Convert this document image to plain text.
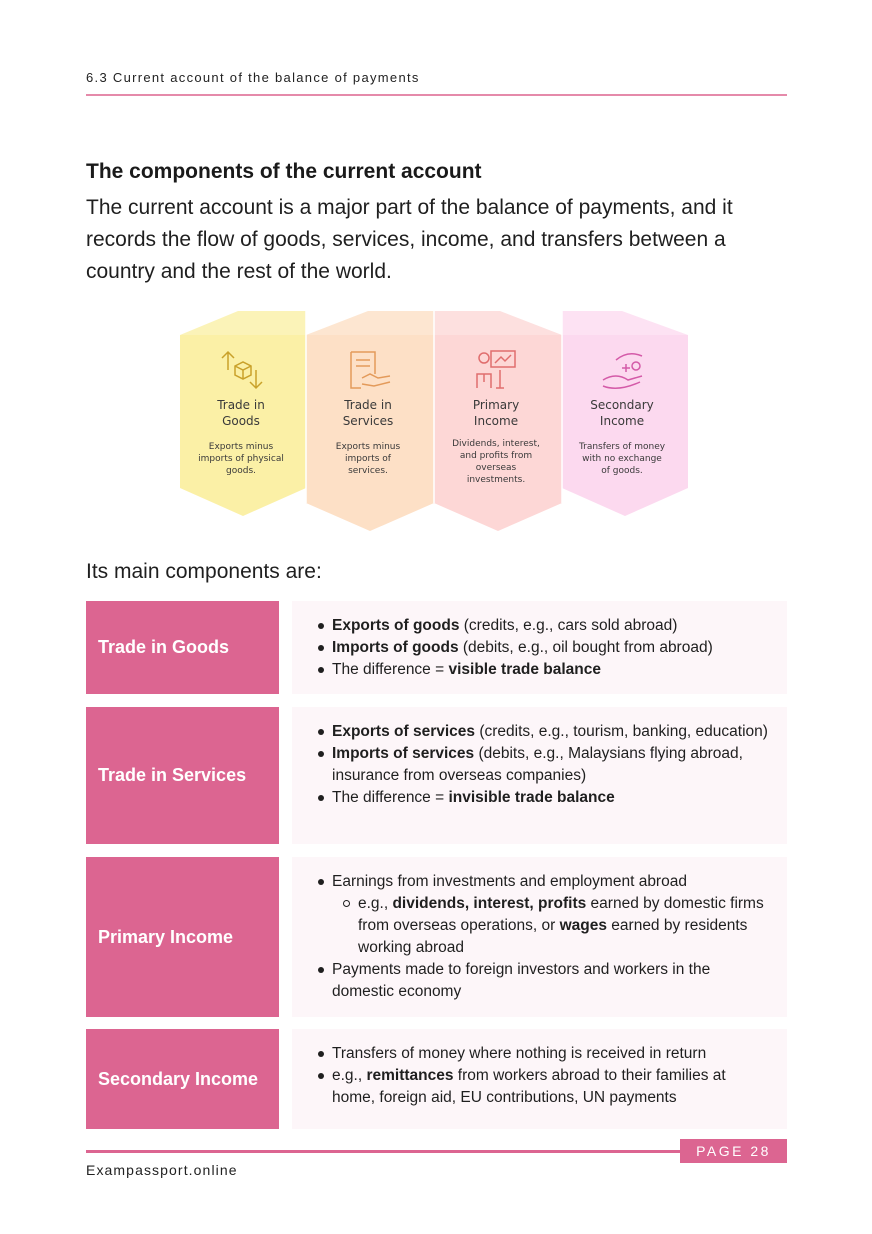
6.3 Current account of the balance of payments
The components of the current account
The current account is a major part of the balance of payments, and it records the flow of goods, services, income, and transfers between a country and the rest of the world.
Trade in
Goods
Exports minus
imports of physical
goods.
Trade in
Services
Exports minus
imports of
services.
Primary
Income
Dividends, interest,
and profits from
overseas
investments.
Secondary
Income
Transfers of money
with no exchange
of goods.
Its main components are:
Trade in Goods
Exports of goods (credits, e.g., cars sold abroad)
Imports of goods (debits, e.g., oil bought from abroad)
The difference = visible trade balance
Trade in Services
Exports of services (credits, e.g., tourism, banking, education)
Imports of services (debits, e.g., Malaysians flying abroad, insurance from overseas companies)
The difference = invisible trade balance
Primary Income
Earnings from investments and employment abroad
e.g., dividends, interest, profits earned by domestic firms from overseas operations, or wages earned by residents working abroad
Payments made to foreign investors and workers in the domestic economy
Secondary Income
Transfers of money where nothing is received in return
e.g., remittances from workers abroad to their families at home, foreign aid, EU contributions, UN payments
PAGE 28
Exampassport.online
